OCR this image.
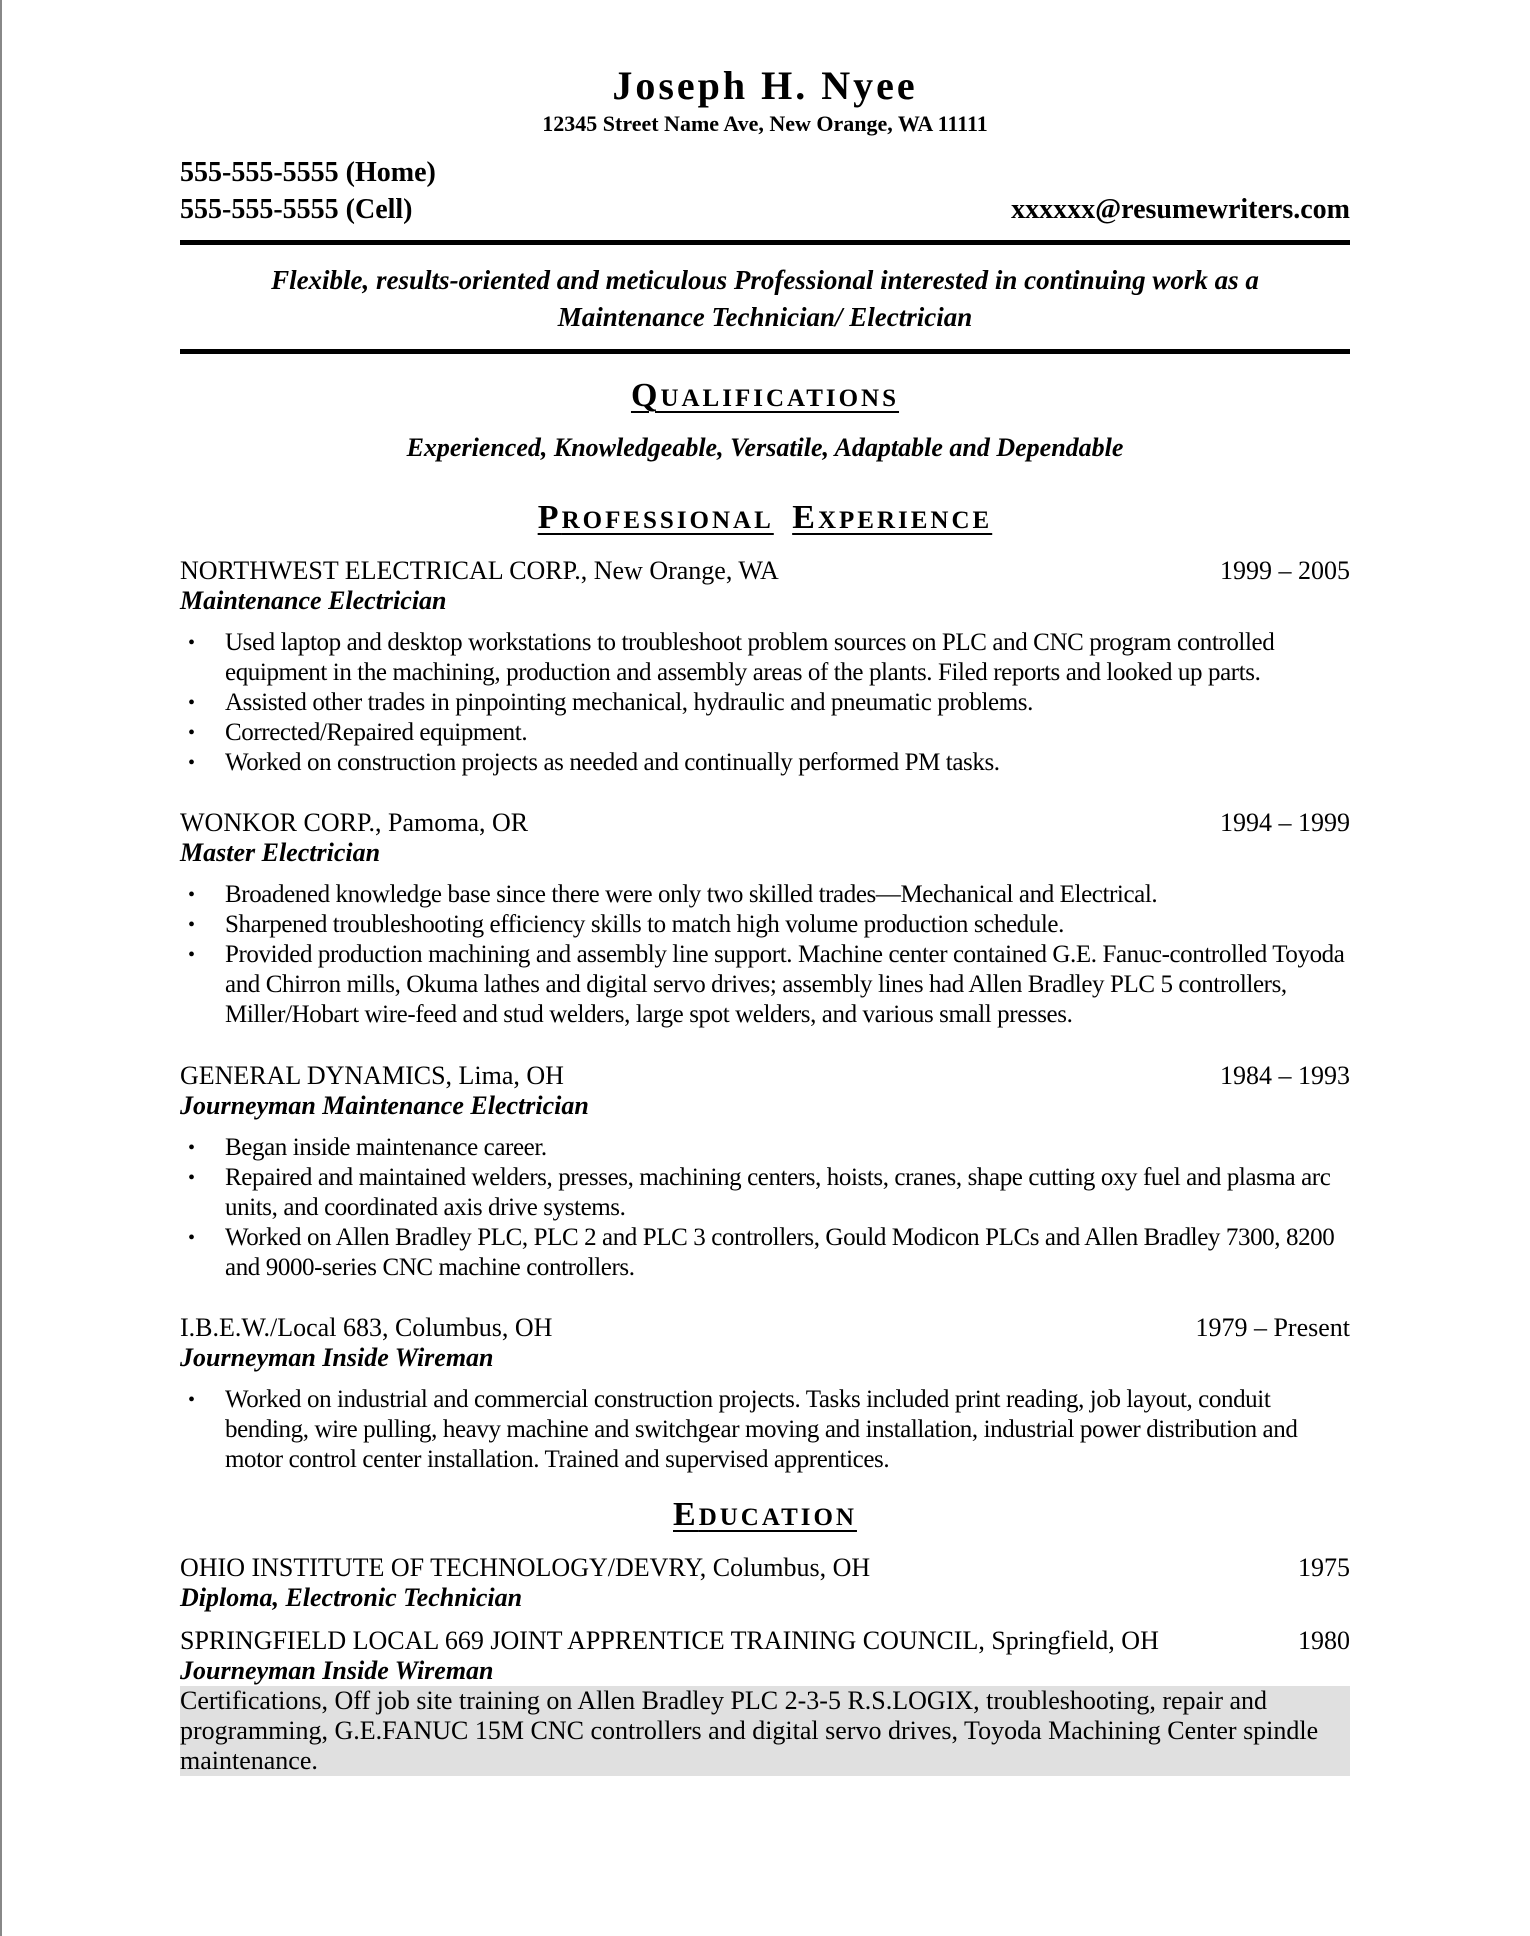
Joseph H. Nyee
12345 Street Name Ave, New Orange, WA 11111
555-555-5555 (Home)
555-555-5555 (Cell)	xxxxxx@resumewriters.com
Flexible, results-oriented and meticulous Professional interested in continuing work as a
Maintenance Technician/ Electrician
QUALIFICATIONS
Experienced, Knowledgeable, Versatile, Adaptable and Dependable
PROFESSIONAL EXPERIENCE
NORTHWEST ELECTRICAL CORP., New Orange, WA	1999 – 2005
Maintenance Electrician
• Used laptop and desktop workstations to troubleshoot problem sources on PLC and CNC program controlled equipment in the machining, production and assembly areas of the plants. Filed reports and looked up parts.
• Assisted other trades in pinpointing mechanical, hydraulic and pneumatic problems.
• Corrected/Repaired equipment.
• Worked on construction projects as needed and continually performed PM tasks.
WONKOR CORP., Pamoma, OR	1994 – 1999
Master Electrician
• Broadened knowledge base since there were only two skilled trades—Mechanical and Electrical.
• Sharpened troubleshooting efficiency skills to match high volume production schedule.
• Provided production machining and assembly line support. Machine center contained G.E. Fanuc-controlled Toyoda and Chirron mills, Okuma lathes and digital servo drives; assembly lines had Allen Bradley PLC 5 controllers, Miller/Hobart wire-feed and stud welders, large spot welders, and various small presses.
GENERAL DYNAMICS, Lima, OH	1984 – 1993
Journeyman Maintenance Electrician
• Began inside maintenance career.
• Repaired and maintained welders, presses, machining centers, hoists, cranes, shape cutting oxy fuel and plasma arc units, and coordinated axis drive systems.
• Worked on Allen Bradley PLC, PLC 2 and PLC 3 controllers, Gould Modicon PLCs and Allen Bradley 7300, 8200 and 9000-series CNC machine controllers.
I.B.E.W./Local 683, Columbus, OH	1979 – Present
Journeyman Inside Wireman
• Worked on industrial and commercial construction projects. Tasks included print reading, job layout, conduit bending, wire pulling, heavy machine and switchgear moving and installation, industrial power distribution and motor control center installation. Trained and supervised apprentices.
EDUCATION
OHIO INSTITUTE OF TECHNOLOGY/DEVRY, Columbus, OH	1975
Diploma, Electronic Technician
SPRINGFIELD LOCAL 669 JOINT APPRENTICE TRAINING COUNCIL, Springfield, OH	1980
Journeyman Inside Wireman
Certifications, Off job site training on Allen Bradley PLC 2-3-5 R.S.LOGIX, troubleshooting, repair and programming, G.E.FANUC 15M CNC controllers and digital servo drives, Toyoda Machining Center spindle maintenance.
